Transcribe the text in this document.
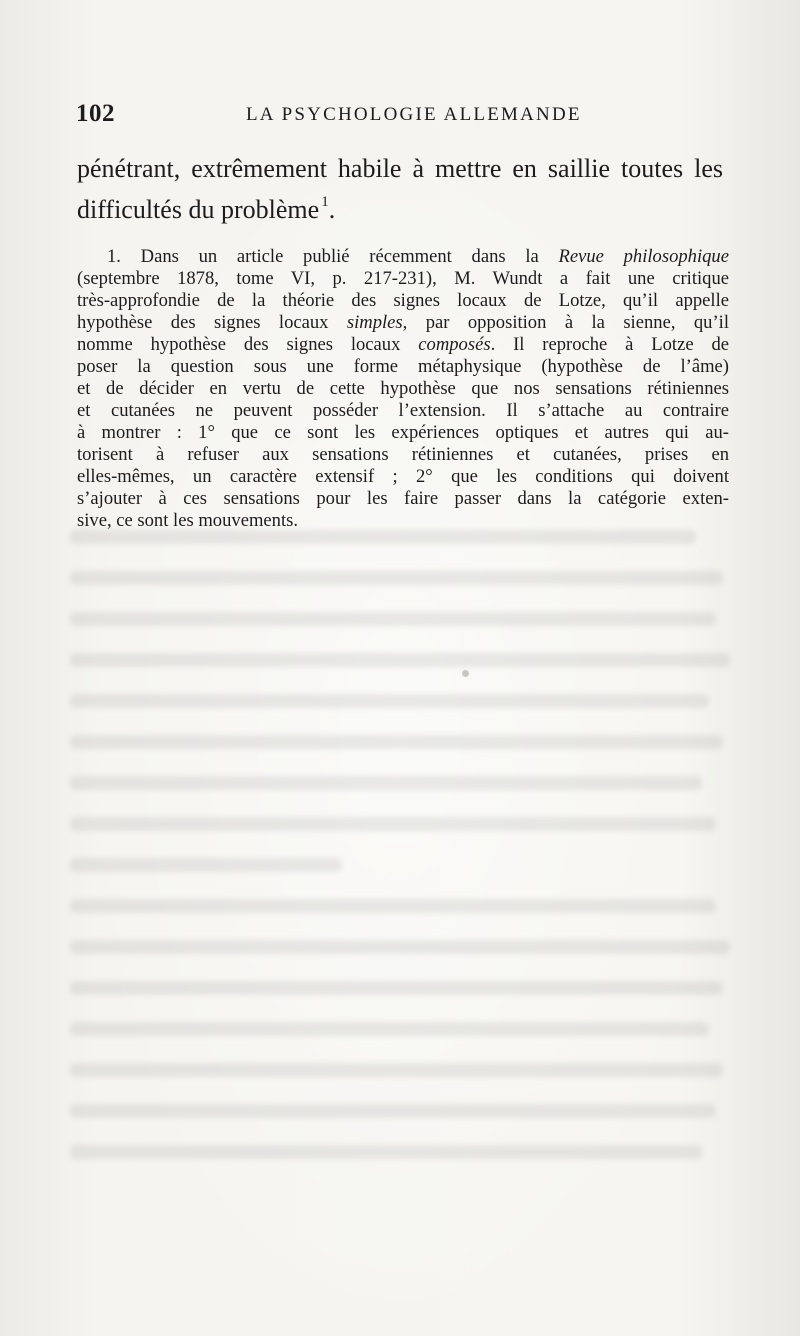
102	LA PSYCHOLOGIE ALLEMANDE
pénétrant, extrêmement habile à mettre en saillie toutes les
difficultés du problème  $^1$.
1. Dans un article publié récemment dans la Revue philosophique
(septembre 1878, tome VI, p. 217-231), M. Wundt a fait une critique
très-approfondie de la théorie des signes locaux de Lotze, qu’il appelle
hypothèse des signes locaux simples, par opposition à la sienne, qu’il
nomme hypothèse des signes locaux composés. Il reproche à Lotze de
poser la question sous une forme métaphysique (hypothèse de l’âme)
et de décider en vertu de cette hypothèse que nos sensations rétiniennes
et cutanées ne peuvent posséder l’extension. Il s’attache au contraire
à montrer : 1° que ce sont les expériences optiques et autres qui au-
torisent à refuser aux sensations rétiniennes et cutanées, prises en
elles-mêmes, un caractère extensif ; 2° que les conditions qui doivent
s’ajouter à ces sensations pour les faire passer dans la catégorie exten-
sive, ce sont les mouvements.
